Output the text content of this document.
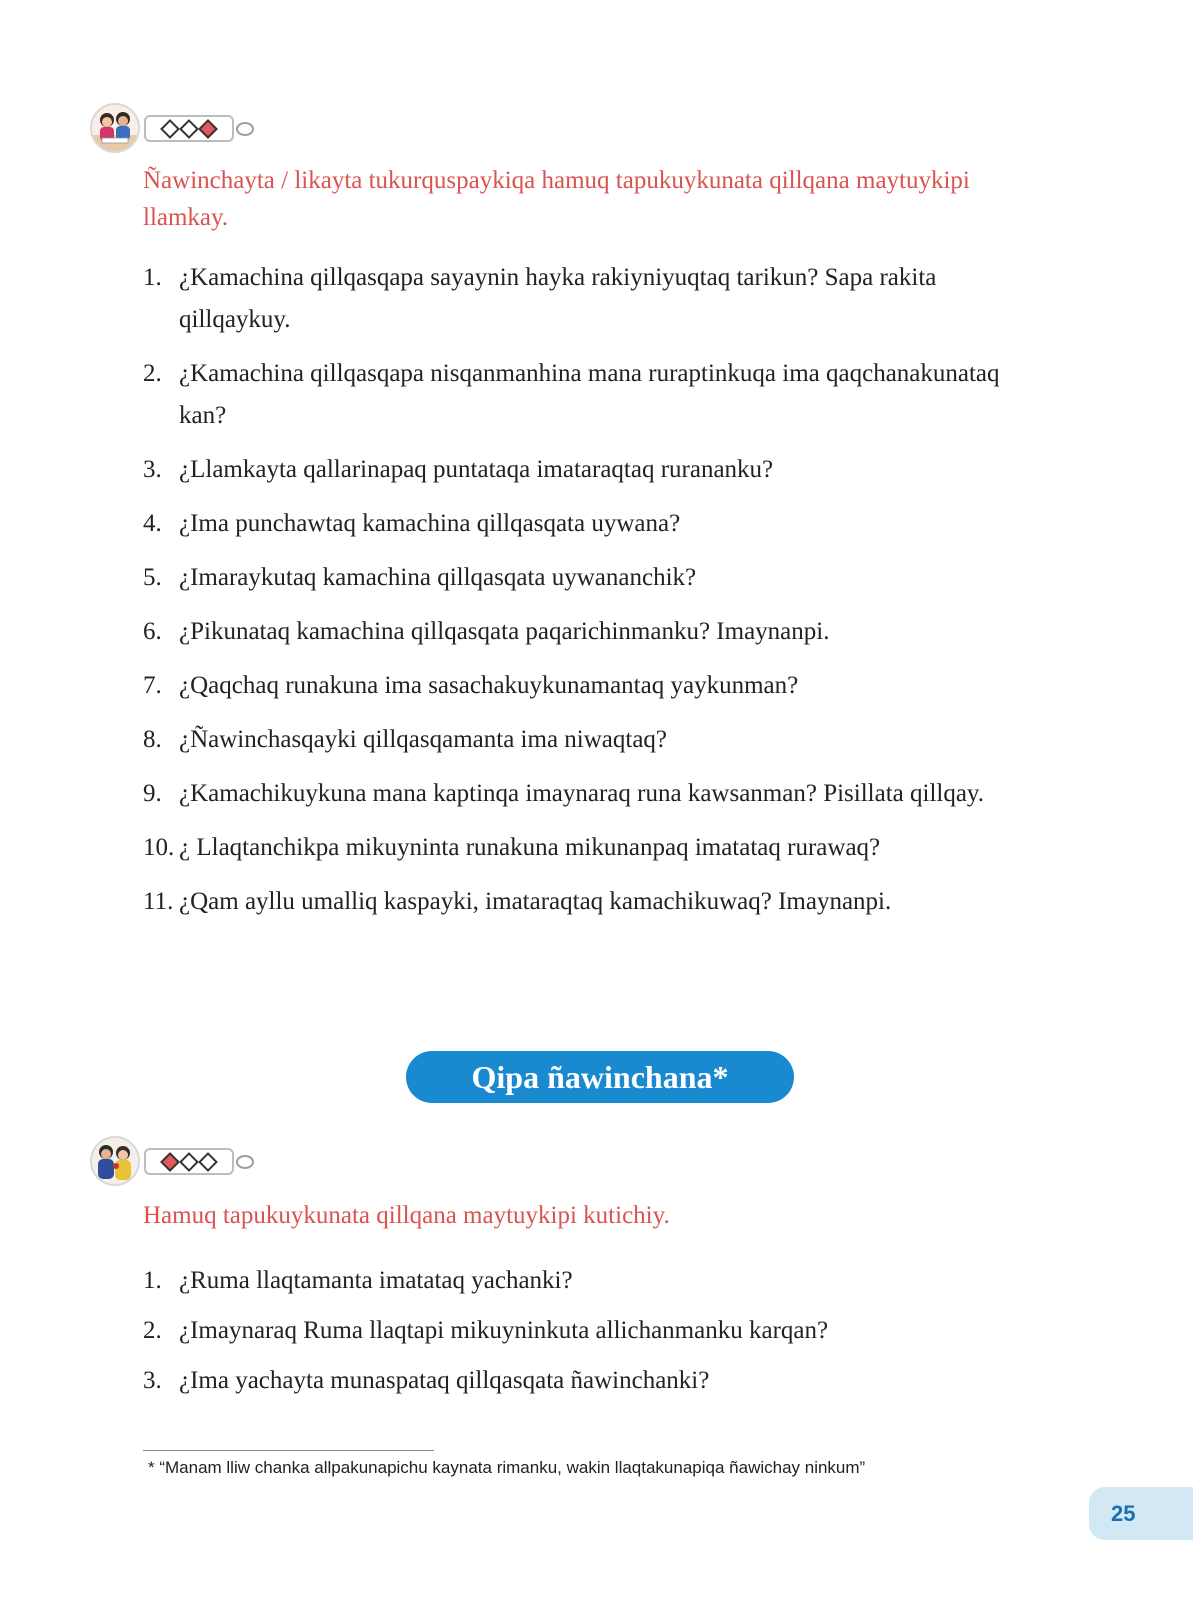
Ñawinchayta / likayta tukurquspaykiqa hamuq tapukuykunata qillqana maytuykipi llamkay.

1. ¿Kamachina qillqasqapa sayaynin hayka rakiyniyuqtaq tarikun? Sapa rakita qillqaykuy.
2. ¿Kamachina qillqasqapa nisqanmanhina mana ruraptinkuqa ima qaqchanakunataq kan?
3. ¿Llamkayta qallarinapaq puntataqa imataraqtaq rurananku?
4. ¿Ima punchawtaq kamachina qillqasqata uywana?
5. ¿Imaraykutaq kamachina qillqasqata uywananchik?
6. ¿Pikunataq kamachina qillqasqata paqarichinmanku? Imaynanpi.
7. ¿Qaqchaq runakuna ima sasachakuykunamantaq yaykunman?
8. ¿Ñawinchasqayki qillqasqamanta ima niwaqtaq?
9. ¿Kamachikuykuna mana kaptinqa imaynaraq runa kawsanman? Pisillata qillqay.
10. ¿ Llaqtanchikpa mikuyninta runakuna mikunanpaq imatataq rurawaq?
11. ¿Qam ayllu umalliq kaspayki, imataraqtaq kamachikuwaq? Imaynanpi.
Qipa ñawinchana*

Hamuq tapukuykunata qillqana maytuykipi kutichiy.

1. ¿Ruma llaqtamanta imatataq yachanki?
2. ¿Imaynaraq Ruma llaqtapi mikuyninkuta allichanmanku karqan?
3. ¿Ima yachayta munaspataq qillqasqata ñawinchanki?
* “Manam lliw chanka allpakunapichu kaynata rimanku, wakin llaqtakunapiqa ñawichay ninkum”
25
